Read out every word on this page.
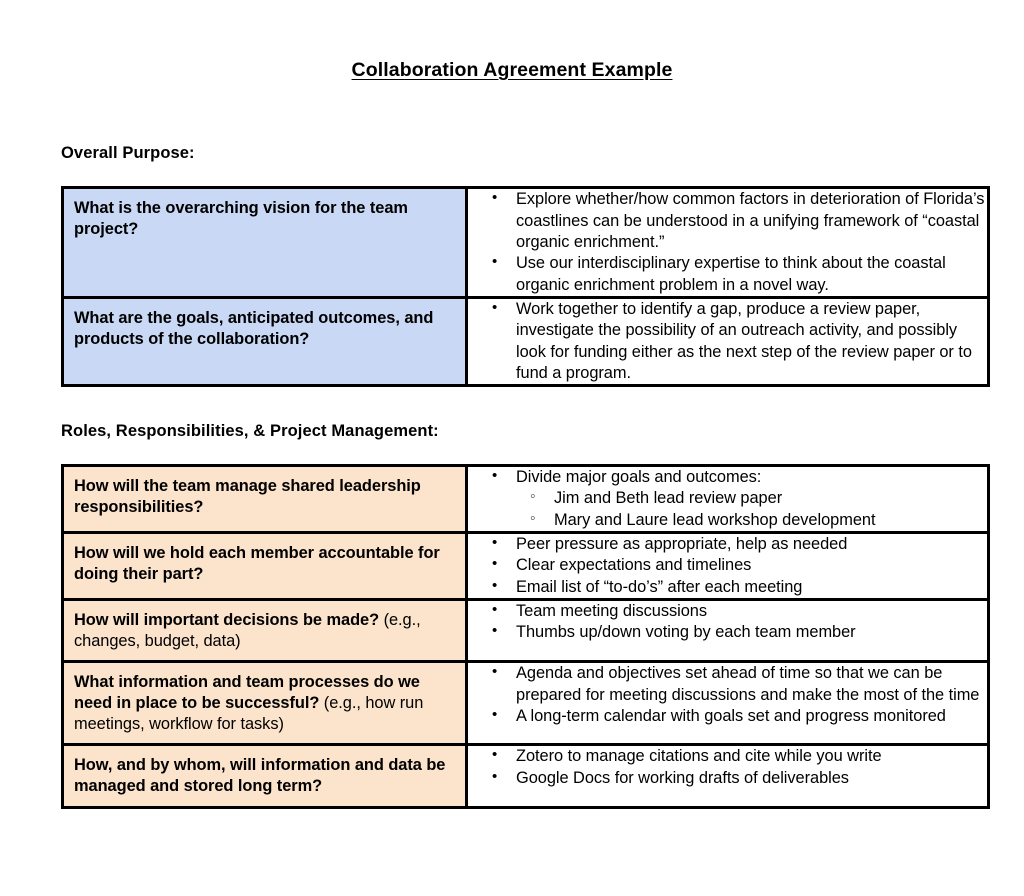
Collaboration Agreement Example
Overall Purpose:
What is the overarching vision for the team project?

• Explore whether/how common factors in deterioration of Florida’s coastlines can be understood in a unifying framework of “coastal organic enrichment.”
• Use our interdisciplinary expertise to think about the coastal organic enrichment problem in a novel way.

What are the goals, anticipated outcomes, and products of the collaboration?

• Work together to identify a gap, produce a review paper, investigate the possibility of an outreach activity, and possibly look for funding either as the next step of the review paper or to fund a program.
Roles, Responsibilities, & Project Management:
How will the team manage shared leadership responsibilities?

• Divide major goals and outcomes:
◦ Jim and Beth lead review paper
◦ Mary and Laure lead workshop development

How will we hold each member accountable for doing their part?

• Peer pressure as appropriate, help as needed
• Clear expectations and timelines
• Email list of “to-do’s” after each meeting

How will important decisions be made? (e.g., changes, budget, data)

• Team meeting discussions
• Thumbs up/down voting by each team member

What information and team processes do we need in place to be successful? (e.g., how run meetings, workflow for tasks)

• Agenda and objectives set ahead of time so that we can be prepared for meeting discussions and make the most of the time
• A long-term calendar with goals set and progress monitored

How, and by whom, will information and data be managed and stored long term?

• Zotero to manage citations and cite while you write
• Google Docs for working drafts of deliverables
